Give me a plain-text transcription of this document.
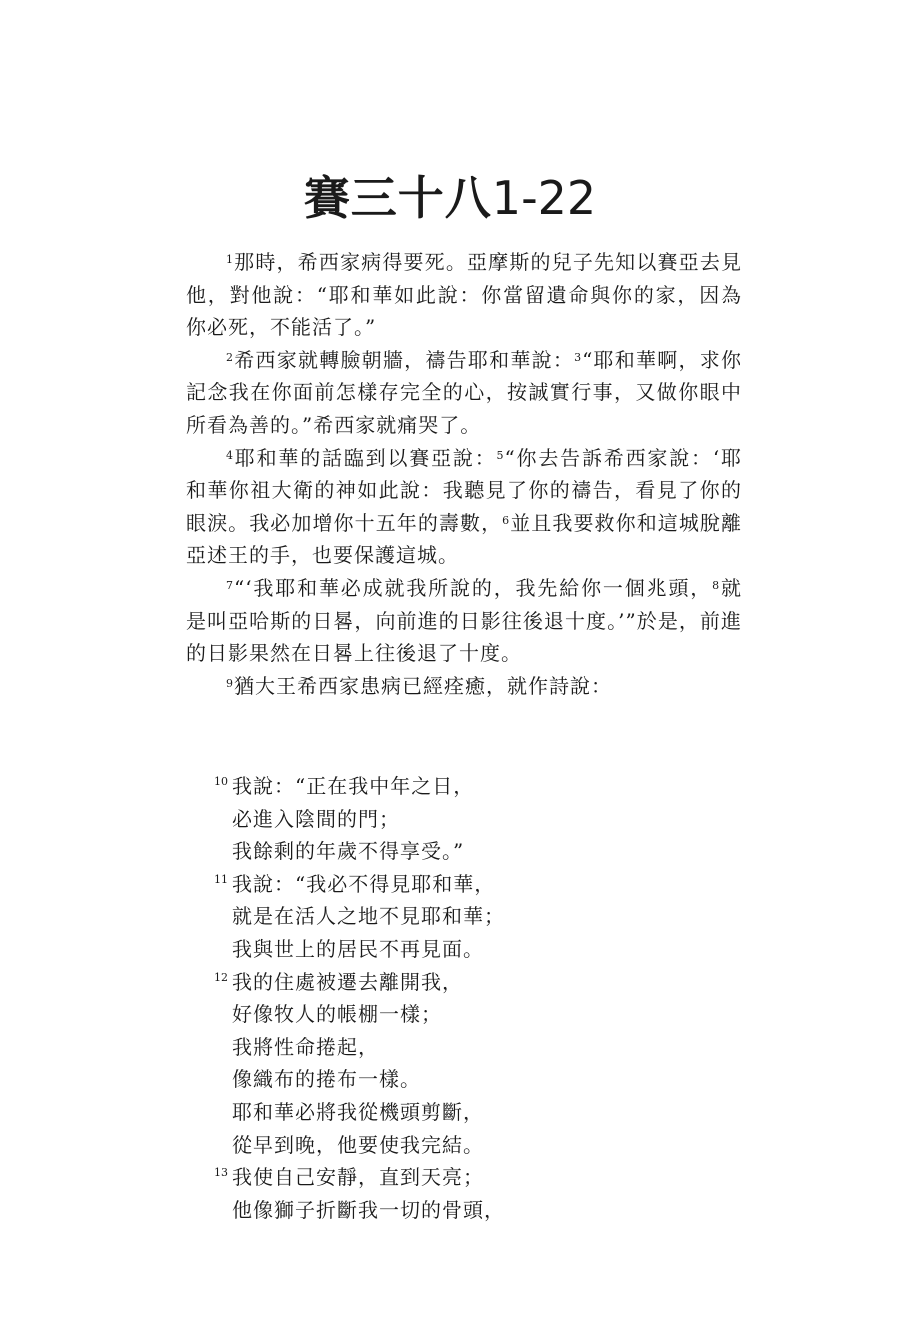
賽三十八1-22

$^1$那時，希西家病得要死。亞摩斯的兒子先知以賽亞去見他，對他說：“耶和華如此說：你當留遺命與你的家，因為你必死，不能活了。”

$^2$希西家就轉臉朝牆，禱告耶和華說：$^3$“耶和華啊，求你記念我在你面前怎樣存完全的心，按誠實行事，又做你眼中所看為善的。”希西家就痛哭了。

$^4$耶和華的話臨到以賽亞說：$^5$“你去告訴希西家說：‘耶和華你祖大衛的神如此說：我聽見了你的禱告，看見了你的眼淚。我必加增你十五年的壽數，$^6$並且我要救你和這城脫離亞述王的手，也要保護這城。

$^7$“‘我耶和華必成就我所說的，我先給你一個兆頭，$^8$就是叫亞哈斯的日晷，向前進的日影往後退十度。’”於是，前進的日影果然在日晷上往後退了十度。

$^9$猶大王希西家患病已經痊癒，就作詩說：

10 我說：“正在我中年之日，
必進入陰間的門；
我餘剩的年歲不得享受。”
11 我說：“我必不得見耶和華，
就是在活人之地不見耶和華；
我與世上的居民不再見面。
12 我的住處被遷去離開我，
好像牧人的帳棚一樣；
我將性命捲起，
像織布的捲布一樣。
耶和華必將我從機頭剪斷，
從早到晚，他要使我完結。
13 我使自己安靜，直到天亮；
他像獅子折斷我一切的骨頭，
